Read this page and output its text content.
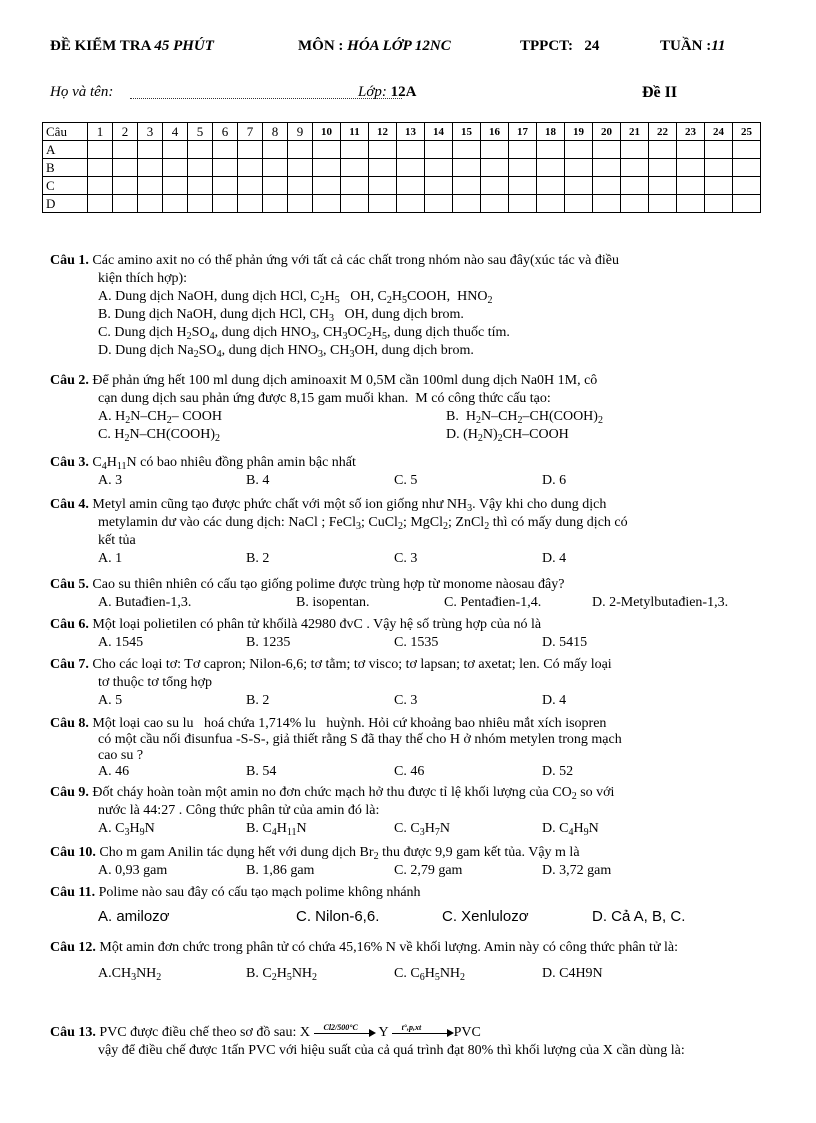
ĐỀ KIỂM TRA 45 PHÚT	MÔN : HÓA LỚP 12NC	TPPCT: 24	TUẦN :11
Họ và tên:	Lớp: 12A	Đề II
Câu	1	2	3	4	5	6	7	8	9	10	11	12	13	14	15	16	17	18	19	20	21	22	23	24	25
A																									
B																									
C																									
D																									
Câu 1. Các amino axit no có thể phản ứng với tất cả các chất trong nhóm nào sau đây(xúc tác và điều
kiện thích hợp):
A. Dung dịch NaOH, dung dịch HCl, $C_2H_5$   OH, $C_2H_5COOH$,  $HNO_2$
B. Dung dịch NaOH, dung dịch HCl, $CH_3$   OH, dung dịch brom.
C. Dung dịch $H_2SO_4$, dung dịch $HNO_3$, $CH_3OC_2H_5$, dung dịch thuốc tím.
D. Dung dịch $Na_2SO_4$, dung dịch $HNO_3$, $CH_3OH$, dung dịch brom.
Câu 2. Để phản ứng hết 100 ml dung dịch aminoaxit M 0,5M cần 100ml dung dịch Na0H 1M, cô
cạn dung dịch sau phản ứng được 8,15 gam muối khan.  M có công thức cấu tạo:
A. $H_2N-CH_2-$ COOH	B.  $H_2N-CH_2-CH(COOH)_2$
C. $H_2N-CH(COOH)_2$	D. $(H_2N)_2CH$–COOH
Câu 3. $C_4H_{11}N$ có bao nhiêu đồng phân amin bậc nhất
A. 3	B. 4	C. 5	D. 6
Câu 4. Metyl amin cũng tạo được phức chất với một số ion giống như $NH_3$. Vậy khi cho dung dịch
metylamin dư vào các dung dịch: NaCl ; FeCl$_3$; CuCl$_2$; MgCl$_2$; ZnCl$_2$ thì có mấy dung dịch có
kết tủa
A. 1	B. 2	C. 3	D. 4
Câu 5. Cao su thiên nhiên có cấu tạo giống polime được trùng hợp từ monome nàosau đây?
A. Butađien-1,3.	B. isopentan.	C. Pentađien-1,4.	D. 2-Metylbutađien-1,3.
Câu 6. Một loại polietilen có phân tử khốilà 42980 đvC . Vậy hệ số trùng hợp của nó là
A. 1545	B. 1235	C. 1535	D. 5415
Câu 7. Cho các loại tơ: Tơ capron; Nilon-6,6; tơ tằm; tơ visco; tơ lapsan; tơ axetat; len. Có mấy loại
tơ thuộc tơ tổng hợp
A. 5	B. 2	C. 3	D. 4
Câu 8. Một loại cao su lu   hoá chứa 1,714% lu   huỳnh. Hỏi cứ khoảng bao nhiêu mắt xích isopren
có một cầu nối đisunfua -S-S-, giả thiết rằng S đã thay thế cho H ở nhóm metylen trong mạch
cao su ?
A. 46	B. 54	C. 46	D. 52
Câu 9. Đốt cháy hoàn toàn một amin no đơn chức mạch hở thu được tỉ lệ khối lượng của $CO_2$ so với
nước là 44:27 . Công thức phân tử của amin đó là:
A. $C_3H_9N$	B. $C_4H_{11}N$	C. $C_3H_7N$	D. $C_4H_9N$
Câu 10. Cho m gam Anilin tác dụng hết với dung dịch $Br_2$ thu được 9,9 gam kết tủa. Vậy m là
A. 0,93 gam	B. 1,86 gam	C. 2,79 gam	D. 3,72 gam
Câu 11. Polime nào sau đây có cấu tạo mạch polime không nhánh
A. amilozơ	C. Nilon-6,6.	C. Xenlulozơ	D. Cả A, B, C.
Câu 12. Một amin đơn chức trong phân tử có chứa 45,16% N về khối lượng. Amin này có công thức phân tử là:
$A.CH_3NH_2$	B. $C_2H_5NH_2$	C. $C_6H_5NH_2$	D. C4H9N
Câu 13. PVC được điều chế theo sơ đồ sau: X Cl2/500°C Y t°,p,xt PVC
vậy để điều chế được 1tấn PVC với hiệu suất của cả quá trình đạt 80% thì khối lượng của X cần dùng là:
